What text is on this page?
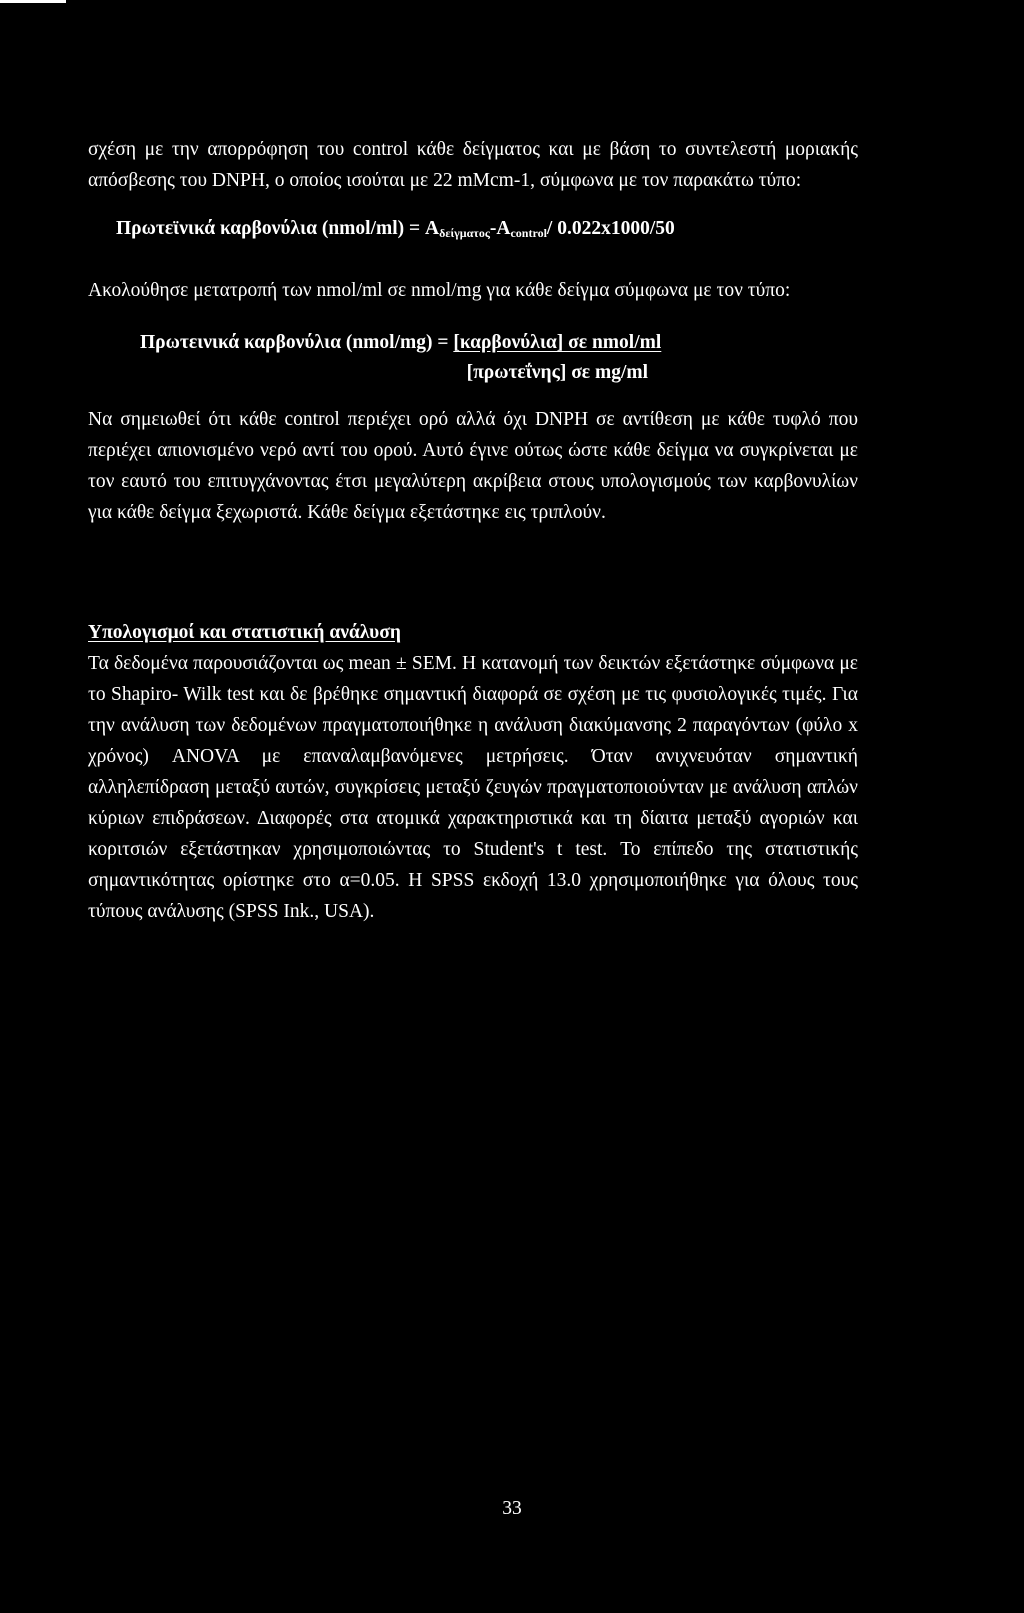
σχέση με την απορρόφηση του control κάθε δείγματος και με βάση το συντελεστή μοριακής απόσβεσης του DNPH, ο οποίος ισούται με 22 mMcm-1, σύμφωνα με τον παρακάτω τύπο:

Πρωτεϊνικά καρβονύλια (nmol/ml) = $A_{\delta\varepsilon ί\gamma\mu\alpha\tau o\varsigma}-A_{control}/$ 0.022x1000/50

Ακολούθησε μετατροπή των nmol/ml σε nmol/mg για κάθε δείγμα σύμφωνα με τον τύπο:

Πρωτεινικά καρβονύλια (nmol/mg) = $\frac{\text{[καρβονύλια] σε nmol/ml}}{\text{[πρωτεΐνης] σε mg/ml}}$

Να σημειωθεί ότι κάθε control περιέχει ορό αλλά όχι DNPH σε αντίθεση με κάθε τυφλό που περιέχει απιονισμένο νερό αντί του ορού. Αυτό έγινε ούτως ώστε κάθε δείγμα να συγκρίνεται με τον εαυτό του επιτυγχάνοντας έτσι μεγαλύτερη ακρίβεια στους υπολογισμούς των καρβονυλίων για κάθε δείγμα ξεχωριστά. Κάθε δείγμα εξετάστηκε εις τριπλούν.

Υπολογισμοί και στατιστική ανάλυση

Τα δεδομένα παρουσιάζονται ως mean ± SEM. Η κατανομή των δεικτών εξετάστηκε σύμφωνα με το Shapiro- Wilk test και δε βρέθηκε σημαντική διαφορά σε σχέση με τις φυσιολογικές τιμές. Για την ανάλυση των δεδομένων πραγματοποιήθηκε η ανάλυση διακύμανσης 2 παραγόντων (φύλο x χρόνος) ANOVA με επαναλαμβανόμενες μετρήσεις. Όταν ανιχνευόταν σημαντική αλληλεπίδραση μεταξύ αυτών, συγκρίσεις μεταξύ ζευγών πραγματοποιούνταν με ανάλυση απλών κύριων επιδράσεων. Διαφορές στα ατομικά χαρακτηριστικά και τη δίαιτα μεταξύ αγοριών και κοριτσιών εξετάστηκαν χρησιμοποιώντας το Student's t test. Το επίπεδο της στατιστικής σημαντικότητας ορίστηκε στο α=0.05. Η SPSS εκδοχή 13.0 χρησιμοποιήθηκε για όλους τους τύπους ανάλυσης (SPSS Ink., USA).

33
